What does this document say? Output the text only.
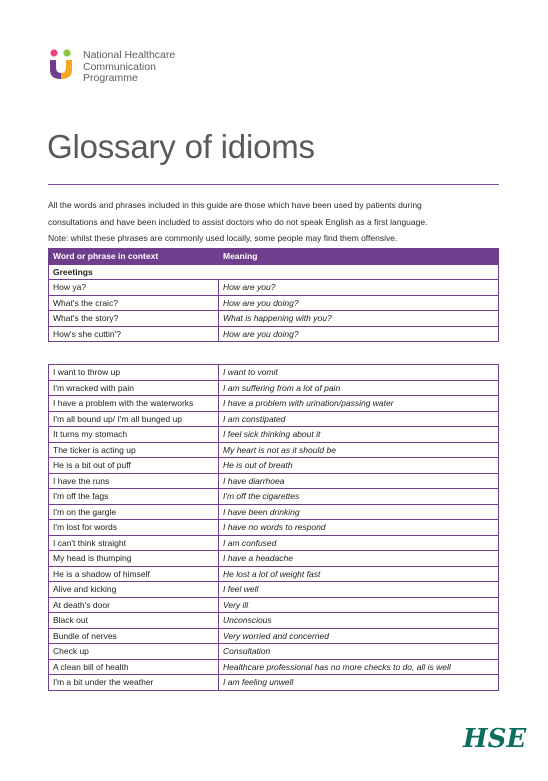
National Healthcare
Communication
Programme
Glossary of idioms
All the words and phrases included in this guide are those which have been used by patients during
consultations and have been included to assist doctors who do not speak English as a first language.
Note: whilst these phrases are commonly used locally, some people may find them offensive.
Word or phrase in context	Meaning
Greetings	
How ya?	How are you?
What's the craic?	How are you doing?
What's the story?	What is happening with you?
How's she cuttin'?	How are you doing?
I want to throw up	I want to vomit
I'm wracked with pain	I am suffering from a lot of pain
I have a problem with the waterworks	I have a problem with urination/passing water
I'm all bound up/ I'm all bunged up	I am constipated
It turns my stomach	I feel sick thinking about it
The ticker is acting up	My heart is not as it should be
He is a bit out of puff	He is out of breath
I have the runs	I have diarrhoea
I'm off the fags	I'm off the cigarettes
I'm on the gargle	I have been drinking
I'm lost for words	I have no words to respond
I can't think straight	I am confused
My head is thumping	I have a headache
He is a shadow of himself	He lost a lot of weight fast
Alive and kicking	I feel well
At death's door	Very ill
Black out	Unconscious
Bundle of nerves	Very worried and concerned
Check up	Consultation
A clean bill of health	Healthcare professional has no more checks to do, all is well
I'm a bit under the weather	I am feeling unwell
HSE
